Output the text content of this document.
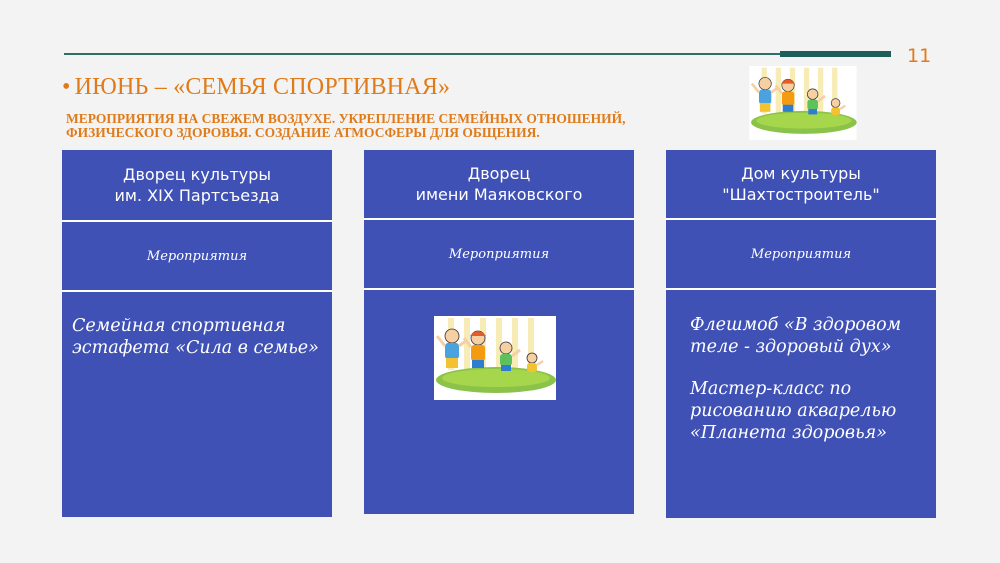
11
• ИЮНЬ – «СЕМЬЯ СПОРТИВНАЯ»

МЕРОПРИЯТИЯ НА СВЕЖЕМ ВОЗДУХЕ. УКРЕПЛЕНИЕ СЕМЕЙНЫХ ОТНОШЕНИЙ, ФИЗИЧЕСКОГО ЗДОРОВЬЯ. СОЗДАНИЕ АТМОСФЕРЫ ДЛЯ ОБЩЕНИЯ.

Дворец культуры
им. XIX Партсъезда
Мероприятия

Семейная спортивная эстафета «Сила в семье»

Дворец
имени Маяковского
Мероприятия
Дом культуры
"Шахтостроитель"
Мероприятия

Флешмоб «В здоровом теле - здоровый дух»

Мастер-класс по рисованию акварелью «Планета здоровья»
